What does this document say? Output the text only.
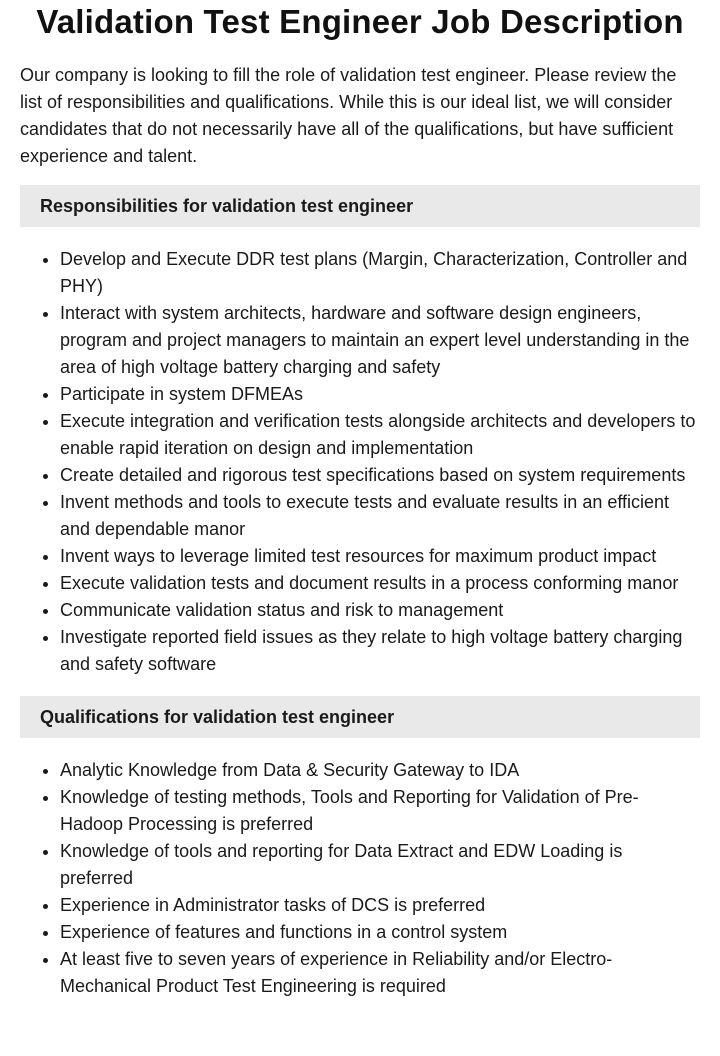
Validation Test Engineer Job Description

Our company is looking to fill the role of validation test engineer. Please review the list of responsibilities and qualifications. While this is our ideal list, we will consider candidates that do not necessarily have all of the qualifications, but have sufficient experience and talent.

Responsibilities for validation test engineer
• Develop and Execute DDR test plans (Margin, Characterization, Controller and PHY)
• Interact with system architects, hardware and software design engineers, program and project managers to maintain an expert level understanding in the area of high voltage battery charging and safety
• Participate in system DFMEAs
• Execute integration and verification tests alongside architects and developers to enable rapid iteration on design and implementation
• Create detailed and rigorous test specifications based on system requirements
• Invent methods and tools to execute tests and evaluate results in an efficient and dependable manor
• Invent ways to leverage limited test resources for maximum product impact
• Execute validation tests and document results in a process conforming manor
• Communicate validation status and risk to management
• Investigate reported field issues as they relate to high voltage battery charging and safety software
Qualifications for validation test engineer
• Analytic Knowledge from Data & Security Gateway to IDA
• Knowledge of testing methods, Tools and Reporting for Validation of Pre-Hadoop Processing is preferred
• Knowledge of tools and reporting for Data Extract and EDW Loading is preferred
• Experience in Administrator tasks of DCS is preferred
• Experience of features and functions in a control system
• At least five to seven years of experience in Reliability and/or Electro-Mechanical Product Test Engineering is required
